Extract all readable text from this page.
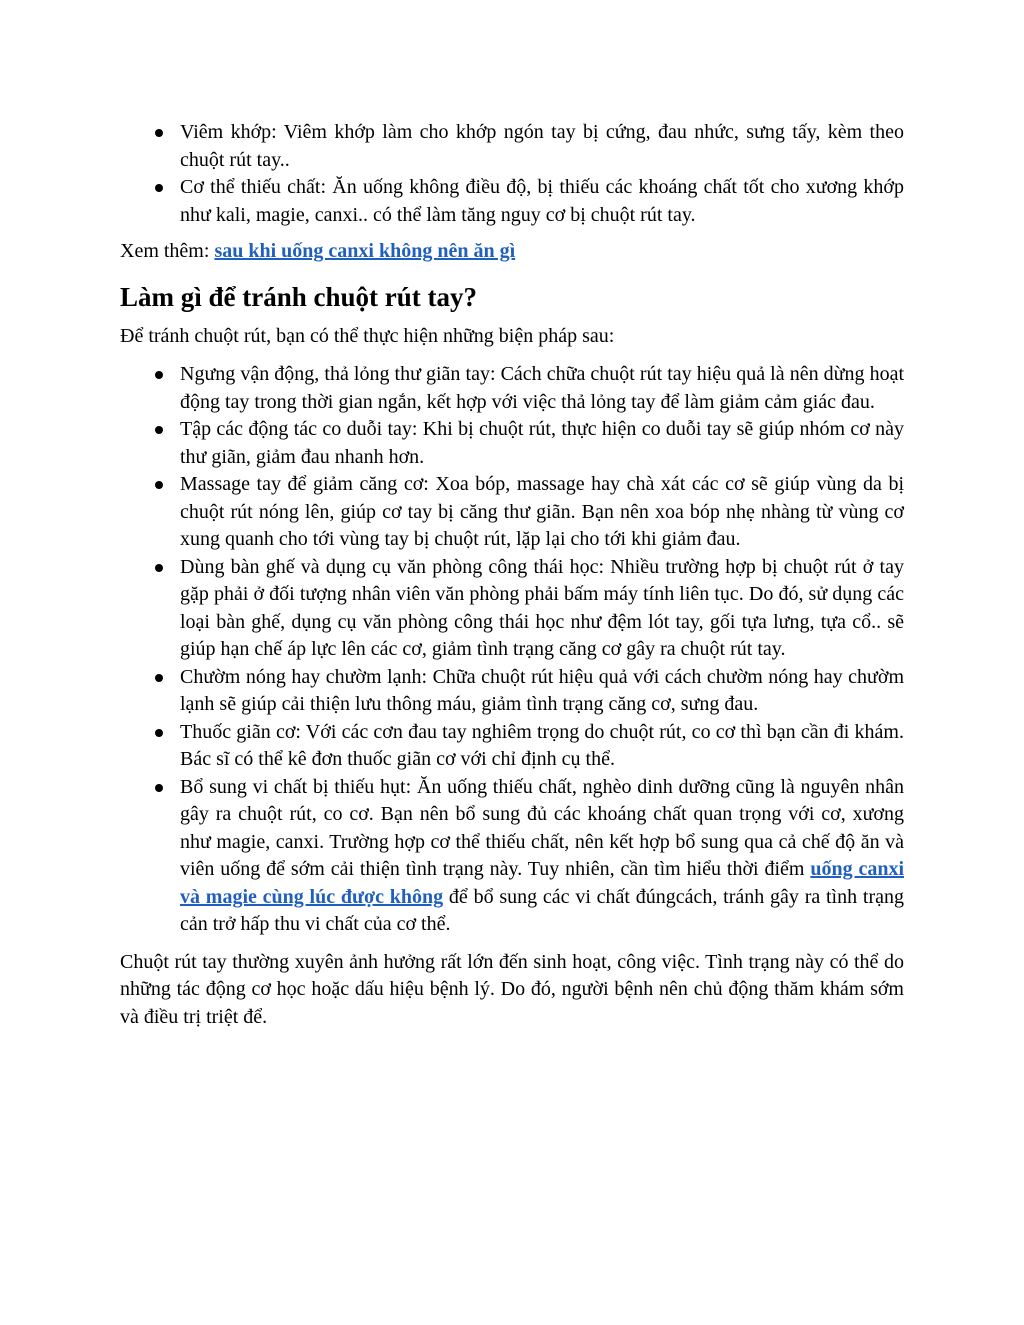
Viêm khớp: Viêm khớp làm cho khớp ngón tay bị cứng, đau nhức, sưng tấy, kèm theo chuột rút tay..
Cơ thể thiếu chất: Ăn uống không điều độ, bị thiếu các khoáng chất tốt cho xương khớp như kali, magie, canxi.. có thể làm tăng nguy cơ bị chuột rút tay.

Xem thêm: sau khi uống canxi không nên ăn gì

Làm gì để tránh chuột rút tay?

Để tránh chuột rút, bạn có thể thực hiện những biện pháp sau:

Ngưng vận động, thả lỏng thư giãn tay: Cách chữa chuột rút tay hiệu quả là nên dừng hoạt động tay trong thời gian ngắn, kết hợp với việc thả lỏng tay để làm giảm cảm giác đau.
Tập các động tác co duỗi tay: Khi bị chuột rút, thực hiện co duỗi tay sẽ giúp nhóm cơ này thư giãn, giảm đau nhanh hơn.
Massage tay để giảm căng cơ: Xoa bóp, massage hay chà xát các cơ sẽ giúp vùng da bị chuột rút nóng lên, giúp cơ tay bị căng thư giãn. Bạn nên xoa bóp nhẹ nhàng từ vùng cơ xung quanh cho tới vùng tay bị chuột rút, lặp lại cho tới khi giảm đau.
Dùng bàn ghế và dụng cụ văn phòng công thái học: Nhiều trường hợp bị chuột rút ở tay gặp phải ở đối tượng nhân viên văn phòng phải bấm máy tính liên tục. Do đó, sử dụng các loại bàn ghế, dụng cụ văn phòng công thái học như đệm lót tay, gối tựa lưng, tựa cổ.. sẽ giúp hạn chế áp lực lên các cơ, giảm tình trạng căng cơ gây ra chuột rút tay.
Chườm nóng hay chườm lạnh: Chữa chuột rút hiệu quả với cách chườm nóng hay chườm lạnh sẽ giúp cải thiện lưu thông máu, giảm tình trạng căng cơ, sưng đau.
Thuốc giãn cơ: Với các cơn đau tay nghiêm trọng do chuột rút, co cơ thì bạn cần đi khám. Bác sĩ có thể kê đơn thuốc giãn cơ với chỉ định cụ thể.
Bổ sung vi chất bị thiếu hụt: Ăn uống thiếu chất, nghèo dinh dưỡng cũng là nguyên nhân gây ra chuột rút, co cơ. Bạn nên bổ sung đủ các khoáng chất quan trọng với cơ, xương như magie, canxi. Trường hợp cơ thể thiếu chất, nên kết hợp bổ sung qua cả chế độ ăn và viên uống để sớm cải thiện tình trạng này. Tuy nhiên, cần tìm hiểu thời điểm uống canxi và magie cùng lúc được không để bổ sung các vi chất đúngcách, tránh gây ra tình trạng cản trở hấp thu vi chất của cơ thể.

Chuột rút tay thường xuyên ảnh hưởng rất lớn đến sinh hoạt, công việc. Tình trạng này có thể do những tác động cơ học hoặc dấu hiệu bệnh lý. Do đó, người bệnh nên chủ động thăm khám sớm và điều trị triệt để.
